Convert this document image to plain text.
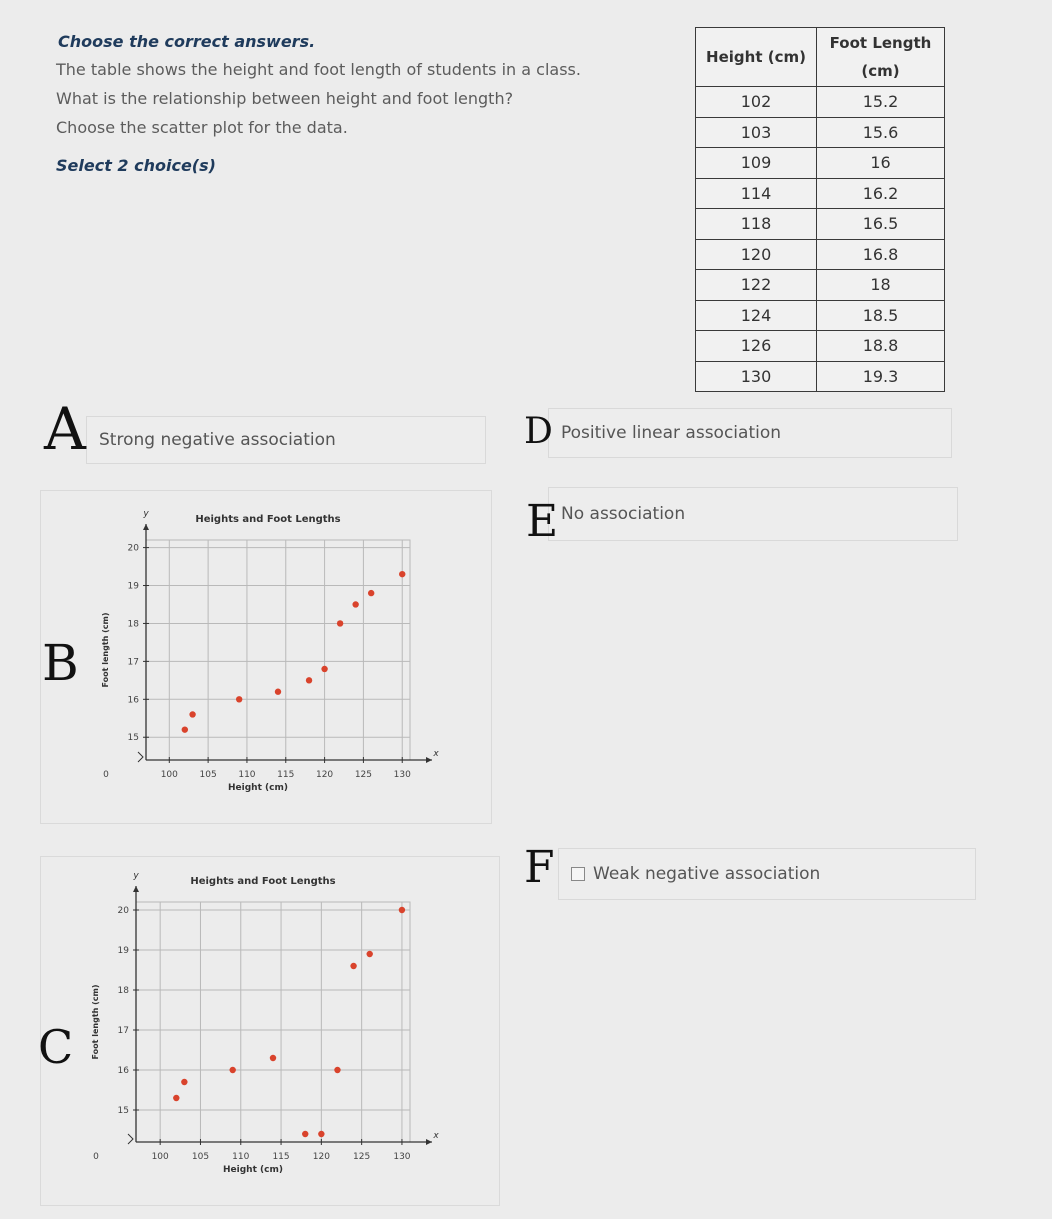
Choose the correct answers.
The table shows the height and foot length of students in a class.
What is the relationship between height and foot length?
Choose the scatter plot for the data.
Select 2 choice(s)
Height (cm)	Foot Length
(cm)
102	15.2
103	15.6
109	16
114	16.2
118	16.5
120	16.8
122	18
124	18.5
126	18.8
130	19.3
Strong negative association
A	Positive linear association
D
No association
E
Weak negative association
F
100 105 110 115 120 125 130
15
16
17
18
19
20
0
Heights and Foot Lengths
Height (cm)
Foot length (cm)
y
x
B
100	105	110	115	120	125	130
15
16
17
18
19
20
0
Heights and Foot Lengths
Height (cm)
Foot length (cm)
y
x
C
